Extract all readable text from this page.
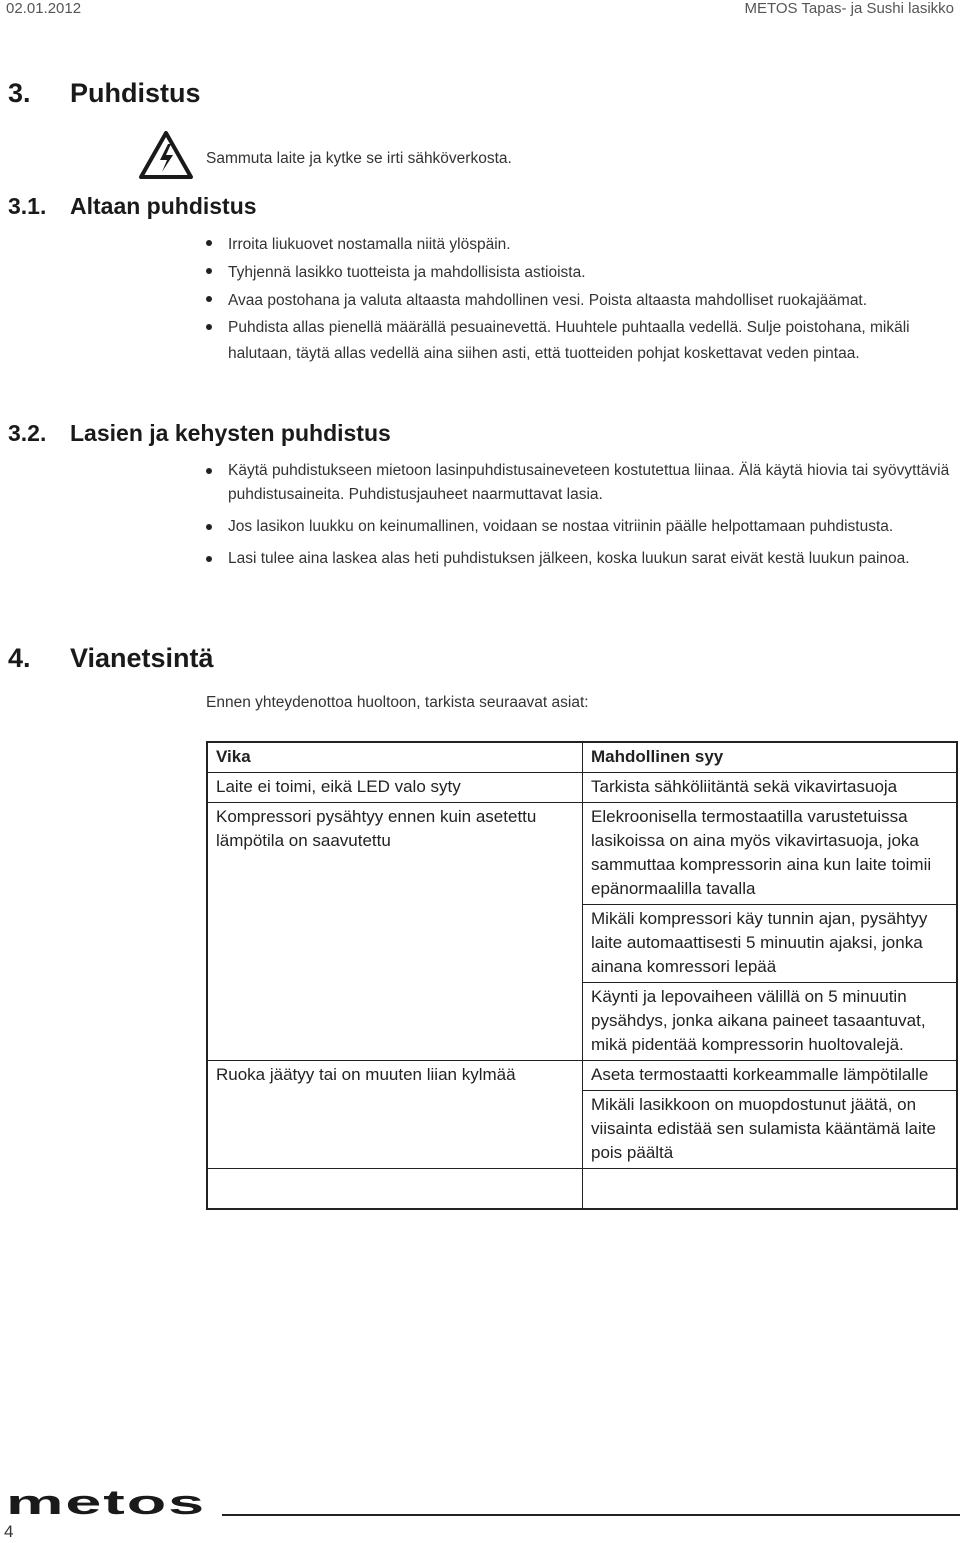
02.01.2012	METOS Tapas- ja Sushi lasikko
3. Puhdistus
Sammuta laite ja kytke se irti sähköverkosta.
3.1. Altaan puhdistus
Irroita liukuovet nostamalla niitä ylöspäin.
Tyhjennä lasikko tuotteista ja mahdollisista astioista.
Avaa postohana ja valuta altaasta mahdollinen vesi. Poista altaasta mahdolliset ruokajäämat.
Puhdista allas pienellä määrällä pesuainevettä. Huuhtele puhtaalla vedellä. Sulje poistohana, mikäli halutaan, täytä allas vedellä aina siihen asti, että tuotteiden pohjat koskettavat veden pintaa.
3.2. Lasien ja kehysten puhdistus
Käytä puhdistukseen mietoon lasinpuhdistusaineveteen kostutettua liinaa. Älä käytä hiovia tai syövyttäviä puhdistusaineita. Puhdistusjauheet naarmuttavat lasia.
Jos lasikon luukku on keinumallinen, voidaan se nostaa vitriinin päälle helpottamaan puhdistusta.
Lasi tulee aina laskea alas heti puhdistuksen jälkeen, koska luukun sarat eivät kestä luukun painoa.
4. Vianetsintä
Ennen yhteydenottoa huoltoon, tarkista seuraavat asiat:
Vika	Mahdollinen syy
Laite ei toimi, eikä LED valo syty	Tarkista sähköliitäntä sekä vikavirtasuoja
Kompressori pysähtyy ennen kuin asetettu lämpötila on saavutettu	Elekroonisella termostaatilla varustetuissa lasikoissa on aina myös vikavirtasuoja, joka sammuttaa kompressorin aina kun laite toimii epänormaalilla tavalla
	Mikäli kompressori käy tunnin ajan, pysähtyy laite automaattisesti 5 minuutin ajaksi, jonka ainana komressori lepää
	Käynti ja lepovaiheen välillä on 5 minuutin pysähdys, jonka aikana paineet tasaantuvat, mikä pidentää kompressorin huoltovalejä.
Ruoka jäätyy tai on muuten liian kylmää	Aseta termostaatti korkeammalle lämpötilalle
	Mikäli lasikkoon on muopdostunut jäätä, on viisainta edistää sen sulamista kääntämä laite pois päältä

metos
4
